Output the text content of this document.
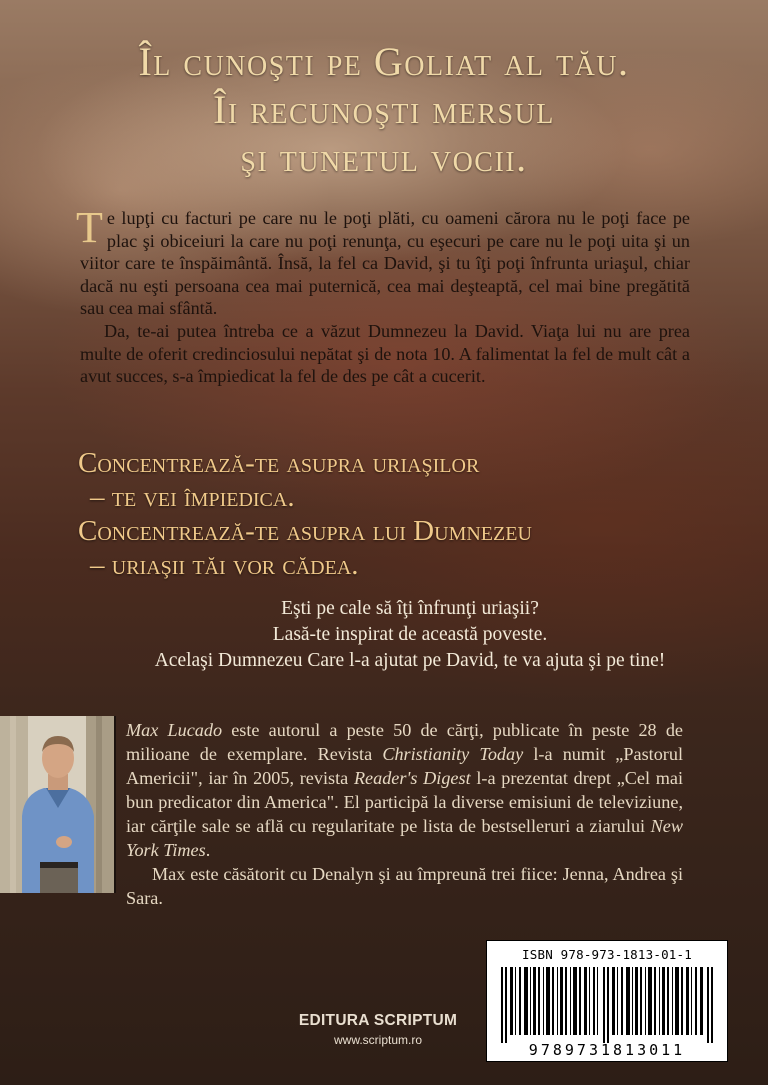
Îl cunoşti pe Goliat al tău.
Îi recunoşti mersul
şi tunetul vocii.

Te lupţi cu facturi pe care nu le poţi plăti, cu oameni cărora nu le poţi face pe plac şi obiceiuri la care nu poţi renunţa, cu eşecuri pe care nu le poţi uita şi un viitor care te înspăimântă. Însă, la fel ca David, şi tu îţi poţi înfrunta uriaşul, chiar dacă nu eşti persoana cea mai puternică, cea mai deşteaptă, cel mai bine pregătită sau cea mai sfântă.

Da, te-ai putea întreba ce a văzut Dumnezeu la David. Viaţa lui nu are prea multe de oferit credinciosului nepătat şi de nota 10. A falimentat la fel de mult cât a avut succes, s-a împiedicat la fel de des pe cât a cucerit.

Concentrează-te asupra uriaşilor
– te vei împiedica.
Concentrează-te asupra lui Dumnezeu
– uriaşii tăi vor cădea.
Eşti pe cale să îţi înfrunţi uriaşii?
Lasă-te inspirat de această poveste.
Acelaşi Dumnezeu Care l-a ajutat pe David, te va ajuta şi pe tine!

Max Lucado este autorul a peste 50 de cărţi, publicate în peste 28 de milioane de exemplare. Revista Christianity Today l-a numit „Pastorul Americii", iar în 2005, revista Reader's Digest l-a prezentat drept „Cel mai bun predicator din America". El participă la diverse emisiuni de televiziune, iar cărţile sale se află cu regularitate pe lista de bestselleruri a ziarului New York Times.

Max este căsătorit cu Denalyn şi au împreună trei fiice: Jenna, Andrea şi Sara.

ISBN 978-973-1813-01-1
9789731813011
EDITURA SCRIPTUM
www.scriptum.ro
